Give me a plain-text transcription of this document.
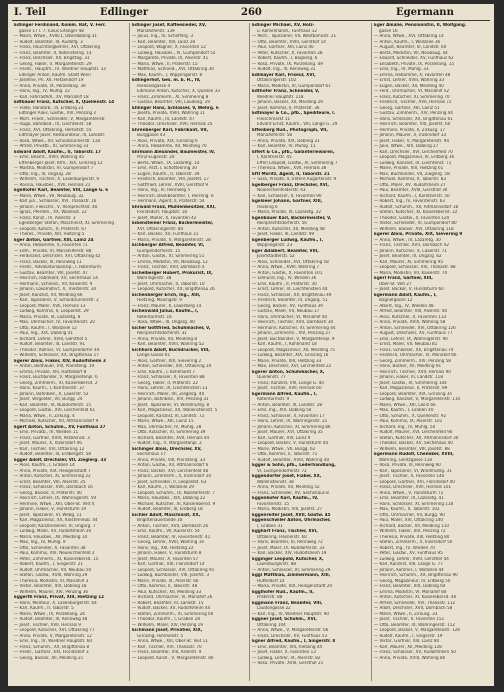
I. Teil	Edlinger	260	Egermann
Edlinger Ferdinand, Komm. Rat, V. Ferr.
gasse 17 I. 7. Iulius Eitlinger 48
— Marie, Wtwe., XVIII/1, Oberdöbling 31
— Rudolf, Beamter, III, Rudolfg. 3
— Franz, Rauchfangkehrer, XVI, Ottakring
— Franz, Beamter, II, Rotensterng. 14
— Franz, Drechsler, XX, Brigittag. 31
— Georg, Fiaker, V, Margaretenstr. 29
— Friedr., Hauptm., IV, Wiedner Hauptstr. 33
Edlinger Anton, Kaufm. Stadt Wien
— Josefine, Pri. XII, Hetzendorf 19
— Anna, Private, IX, Porzellang. 39
— Hans, Ing., IV, Mühlg. 22
— Karl, Fahrradhdl., XV, Mariahilf 18
Edtbauer Franz, Kutscher, X, Quellenstr. 14
— Hilde, Handarb., III, Erdberg 23
Edtinger Alois, Gastw., XIV, Penzing 2
— Mich. Friedr., Schneider, V, Margaretenstr.
— Hugo, Bahnbed., IX, Liechtenst. 58
— Franz, XVI, Ottakring, Herbststr. 55
Edtmayer Josef, Restaurateur, III, Landstr.
— Rosa, Wtwe., XII, Schönbrunnerstr. 118
— Alfred, Privatb., XI, Simmering 33
Edward Adolf, Kaufm., II, Taborstr. 17
— Emil, Beamt., XVIII, Währing 45
Effenberger Josef, Kfm., XIX, Grinzing 12
— Martha, Modistin, VI, Gumpendorf 7
— Otto, Ing., III, Ungarg. 28
— Wilhelm, Tischler, X, Laxenburgerstr. 9
— Rosina, Hausbes., XVII, Hernals 21
Egelhofer Karl, Beamter, VIII, Lange G. 6
— Marie, Wtwe., VII, Neubaug. 32
— Karl jun., Schlosser, XVI, Thaliastr. 16
— Johann, Fleischh., V, Reinprechtsd. 40
— Ignaz, Pferdeh., XX, Wallenst. 22
— Franz, Kanzl., IX, Alserstr. 3
Egenberger Stefan, Maschinist, XI, Simmering
— Leopold, Kutsch., II, Praterstr. 67
— Theres., Private, XIII, Hietzing 5
Eger Anton, Gärtner, XIII, Lainz 24
— Anna, Hebamme, X, Favoriten 71
— Edm., Private, VI, Mariahilferstr. 88
— Ferdinand, Drechsler, XVI, Ottakring 42
— Franz, Bäcker, III, Rennweg 11
— Friedr., Advokaturskonzip., I, Rotenturm.
— Gustav, Beamter, VIII, Josefst. 47
— Heinrich, Fabrikant, XV, Sechshaus 14
— Hermann, Schneid., VII, Kaiserstr. 9
— Johann, Lokomotivf., X, Triesterstr. 30
— Josef, Kanzlist, XII, Meidling 66
— Karl, Tapezierer, V, Schönbrunnerstr. 2
— Leopold, Maler, XVII, Hernals 13
— Ludwig, Kommis, II, Leopoldst. 29
— Maria, Private, IX, Lazaretg. 8
— Max, Uhrmacher, IV, Favoritenstr. 20
— Otto, Kaufm., I, Wollzeile 12
— Paul, Ing., XIX, Döbling 41
— Richard, Lehrer, XVIII, Gersthof 5
— Rudolf, Beamter, III, Landstr. 91
— Theodor, Kellner, VI, Gumpendorfer 44
— Wilhelm, Schlosser, XX, Brigittenau 17
Egerer Alois, Fiaker, XIV, Rudolfsheim 3
— Anton, Bildhauer, VIII, Piaristeng. 19
— Emma, Private, XIII, Hütteldorf 8
— Franz, Buchbinder, V, Margaretenpl. 6
— Georg, Zimmerm., XI, Kaiserebersd. 2
— Hans, Kaufm., I, Kärntnerstr. 37
— Johann, Bahnbed., X, Laaerstr. 52
— Josef, Vergolder, VII, Burgg. 24
— Karl, Beamter, IX, Nußdorferstr. 15
— Leopold, Gastw., XVI, Lerchenfeld 61
— Maria, Wtwe., II, Zirkusg. 4
— Michael, Kutscher, XII, Altmannsdorf 9
Egert Anton, Schuhm., XV, Fünfhaus 27
— Emil, Privatb., IV, Wieden 11
— Franz, Gärtner, XVIII, Pötzleinsd. 3
— Josef, Maurer, X, Inzersdorf 46
— Karl, Tischler, XVI, Ottakring 12
— Rudolf, Beamter, III, Erdbergstr. 58
Egger Adolf, Drechsler, VII, Zieglerg. 33
— Alois, Kaufm., I, Graben 14
— Anna, Private, XIX, Heiligenstadt 7
— Anton, Kutscher, XI, Simmering 22
— Ernst, Beamter, VIII, Alserstr. 25
— Franz, Schlosser, XVII, Dornbach 16
— Georg, Bäcker, II, Praterstr. 40
— Heinrich, Lehrer, IX, Währingerstr. 59
— Hermine, Wtwe., XIII, Ober-St. Veit 4
— Johann, Fiaker, V, Hundsturm 19
— Josef, Tapezierer, VI, Webg. 11
— Karl, Magazineur, XX, Klosterneub. 44
— Leopold, Kanzleidiener, III, Ungarg. 7
— Ludwig, Maler, XV, Rudolfsheim 30
— Maria, Hausbes., XII, Meidling 14
— Max, Ing., IV, Mühlg. 9
— Otto, Schneider, X, Favoriten 38
— Paul, Kommis, XVI, Neulerchenfeld 2
— Peter, Zimmerm., XI, Kaiserebersd. 15
— Robert, Kaufm., I, Singerstr. 21
— Rudolf, Uhrmacher, VII, Neubau 50
— Stefan, Gastw., XVIII, Währing 29
— Theresia, Modistin, VI, Mariahilf 3
— Viktor, Beamter, XIX, Döbling 18
— Wilhelm, Maurer, XIV, Penzing 36
Eggerth Franz, Privat, XIII, Hietzing 12
— Hans, Monteur, X, Laxenburgerstr. 64
— Karl, Kaufm., II, Taborstr. 5
— Marie, Wtwe., IX, Porzellang. 26
— Rudolf, Beamter, III, Rennweg 48
— Josef, Tischler, XVII, Hernals 9
— Leopold, Kutscher, XVI, Ottakring 77
— Anna, Private, V, Margaretenstr. 12
— Emil, Ing., IV, Wiedner Hauptstr. 60
— Franz, Schuhm., XX, Brigittenau 8
— Friedr., Gärtner, XXI, Floridsdorf 3
— Georg, Bäcker, XII, Meidling 21
Edlinger Josef, Kaffeesieder, XV,
Mariahilferstr. 139
— Julius, Ing., IV, Schäfferg. 3
— Karl, Beamter, XIII, Lainz 28
— Leopold, Wagner, X, Favoriten 12
— Ludwig, Hausbes., VI, Gumpendorf 55
— Margarete, Private, IX, Alserstr. 41
— Maria, Wtwe., II, Praterstr. 15
— Matthias, Schneid., XVI, Ottakring 30
— Max, Kaufm., I, Wipplingerstr. 8
Edlingerhof, Ges. m. b. H., IV,
Rienösslgasse 4
Edlmann Anton, Kutscher, X, Quellen 33
— Franz, Zimmerm., XI, Simmering 8
— Gustav, Beamter, VIII, Laudong. 19
Ehlinger Hans, Schlosser, V, Wehrg. 6
— Josefa, Private, XVIII, Währing 11
— Karl, Kaufm., III, Landstr. 47
— Theodor, Drechsler, XVII, Hernals 25
Ehrenberger Karl, Fabrikant, VII,
Burggasse 43
— Alois, Private, XIX, Grinzing 6
— Anna, Hebamme, XII, Meidling 70
Ehrmann Alexander, Baumeister, IV,
Prinz-Eugenstr. 20
— Berta, Wtwe., IX, Lazaretg. 14
— Emil, Arzt, I, Schottenring 30
— Eugen, Kaufm., II, Taborstr. 39
— Friedrich, Beamter, VIII, Josefst. 17
— Gottfried, Lehrer, XVIII, Gersthof 9
— Hans, Ing., III, Rennweg 5
— Heinrich, Bankbeamter, I, Herreng. 6
— Hermann, Agent, II, Praterstr. 54
Ehrwald Franz, Mühlenbesitzer, XXI,
Floridsdorf, Hauptstr. 18
— Josef, Müller, X, Favoriten 42
Eibensteiner Franz, Bäckermeister,
XVI, Ottakringerstr. 84
— Karl, Bäcker, XV, Fünfhaus 21
— Maria, Private, V, Margaretenstr. 28
Eichberger Alfred, Beamter, VI,
Gumpendorferstr. 15
— Anton, Gastw., XI, Simmering 51
— Emma, Modistin, VII, Neubaug. 12
— Franz, Tischler, XVII, Dornbach 4
Eichelberger Hubert, Prokurist, IX,
Währingerstr. 38
— Josef, Uhrmacher, II, Taborstr. 10
— Leopold, Kutscher, XX, Brigittenau 26
Eichenberger Erich, Ing., XIII,
Hietzing, Maxingstr. 9
— Franz, Maurer, X, Laaerberg 14
Eichenwald Julius, Kaufm., I,
Rotenturmstr. 16
— Rosa, Wtwe., III, Ungarg. 40
Eicher Gottfried, Schuhmacher, V,
Reinprechtsdorferstr. 31
— Anna, Private, XII, Meidling 8
— Karl, Beamter, XVIII, Währing 52
Eichhorn Adolf, Buchdrucker, VIII,
Lange Gasse 61
— Alois, Gärtner, XIX, Sievering 2
— Anton, Schneider, XVI, Ottakring 19
— Emil, Kaufm., I, Kohlmarkt 7
— Franz, Schlosser, X, Favoriten 88
— Georg, Fiaker, II, Praterstr. 22
— Hans, Lehrer, IX, Liechtenstein 13
— Heinrich, Maler, VII, Zieglerg. 40
— Johann, Bahnbed., XIV, Penzing 31
— Josef, Tapezierer, VI, Windmühlg. 8
— Karl, Magazineur, XX, Wallensteinstr. 5
— Leopold, Kanzlist, III, Landstr. 72
— Marie, Wtwe., XIII, Lainz 15
— Max, Uhrmacher, IV, Mühlg. 28
— Otto, Kutscher, XI, Simmering 39
— Richard, Beamter, XVII, Hernals 44
— Rudolf, Ing., V, Margaretenpl. 2
Eichinger Alois, Drechsler, XV,
Sechshaus 17
— Anna, Private, VIII, Piaristeng. 33
— Anton, Gastw., XII, Altmannsdorf 6
— Franz, Bäcker, XVI, Lerchenfeld 48
— Johann, Zimmerm., X, Inzersdorf 20
— Josef, Schneider, II, Leopoldst. 63
— Karl, Kaufm., I, Wollzeile 29
— Leopold, Schuhm., IX, Nußdorferstr. 7
— Maria, Hausbes., XIX, Döbling 22
— Michael, Kutscher, XI, Kaiserebersd. 9
— Rudolf, Beamter, III, Erdberg 18
Eichler Adolf, Maschinist, XX,
Brigittenauerlände 30
— Anton, Tischler, XVII, Dornbach 26
— Emil, Kaufm., VII, Kaiserstr. 54
— Franz, Beamter, IV, Favoritenstr. 41
— Georg, Lehrer, XVIII, Währing 16
— Hans, Ing., XIII, Hietzing 22
— Johann, Fiaker, V, Hundsturm 8
— Josef, Maurer, X, Favoriten 57
— Karl, Gärtner, XXI, Floridsdorf 14
— Leopold, Schlosser, XVI, Ottakring 91
— Ludwig, Buchbinder, VIII, Josefst. 3
— Marie, Private, IX, Alserstr. 66
— Otto, Kommis, II, Taborstr. 48
— Paul, Kutscher, XII, Meidling 33
— Richard, Uhrmacher, VI, Mariahilf 26
— Robert, Beamter, III, Landstr. 15
— Rudolf, Bäcker, XV, Rudolfsheim 44
— Stefan, Zimmerm., XI, Simmering 60
— Theodor, Kaufm., I, Graben 28
— Wilhelm, Maler, XIV, Penzing 19
Eichmann Josef, Privatier, XIX,
Grinzing, Himmelstr. 5
— Anna, Wtwe., XIII, Ober-St. Veit 11
— Karl, Tischler, XVI, Thaliastr. 70
— Franz, Beamter, VIII, Alserstr. 9
— Leopold, Kanzl., V, Margaretenstr. 80
Edlinger Michael, XV, Holz-
u. Kohlenhandl., Fünfhaus 12
— Mich., Tapezierer, VII, Westbahnstr. 21
— Otto, Beamter, XVIII, Gersthof 14
— Paul, Gärtner, XIII, Lainz 40
— Peter, Kutscher, X, Favoriten 28
— Robert, Kaufm., I, Bognerg. 6
— Rosa, Private, IX, Porzellang. 49
— Rudolf, Ing., III, Rennweg 31
Edlmayer Karl, Friseur, XVI,
Ottakringerstr. 102
— Maria, Modistin, VI, Gumpendorf 61
Edthofer Franz, Schneider, V,
Wiedner Hauptstr. 118
— Johann, Bäcker, XII, Meidling 29
— Josef, Kommis, II, Praterstr. 36
Edtmayer & Co., pfb., Spediteure, I.
Fleischmarkt 11
Edvard Ernst, Kaufm., VIII, Lange G. 29
Effenberg Rud., Photograph, VII,
Mariahilferstr. 58
— Anna, Private, XIX, Döbling 31
— Karl, Beamter, IV, Mühlg. 11
Effert & Co., pfb., Galanteriewaren,
I, Kärntnerstr. 45
Efferl Leopold, Gastw., XI, Simmering 7
— Theresia, Wtwe., XVII, Hernals 38
Eftl Moritz, Agent, II, Taborstr. 21
— Sara, Private, II, Untere Augartenstr. 9
Egelberger Franz, Drechsler, XVI,
Neulerchenfelderstr. 43
— Karl, Schlosser, X, Favoriten 90
Egelseer Johann, Gärtner, XIII,
Hacking 6
— Maria, Private, IX, Lazaretg. 22
Egenbauer Karl, Bäckermeister, V,
Reinprechtsdorferstr. 56
— Anton, Kutscher, XII, Meidling 48
— Josef, Fiaker, III, Landstr. 99
Egenberger Ludwig, Kaufm., I,
Wipplingerstr. 23
Eger Adalbert, Beamter, VIII,
Josefstädterstr. 52
— Alois, Schneider, XVI, Ottakring 58
— Anna, Wtwe., XVIII, Währing 7
— Anton, Gastw., X, Favoriten 101
— Edmund, Ing., IV, Wieden 36
— Emil, Kaufm., II, Praterstr. 30
— Ernst, Lehrer, IX, Liechtenstein 44
— Franz, Schlosser, XX, Brigittenau 49
— Friedrich, Beamter, III, Ungarg. 51
— Georg, Bäcker, XV, Fünfhaus 39
— Gustav, Maler, VII, Neubau 17
— Hans, Uhrmacher, VI, Mariahilf 40
— Heinrich, Tischler, XVII, Dornbach 30
— Hermann, Kutscher, XI, Simmering 44
— Johann, Zimmerm., XIV, Penzing 27
— Josef, Buchbinder, V, Margaretenpl. 9
— Karl, Kaufm., I, Kohlmarkt 18
— Leopold, Magazineur, XII, Meidling 75
— Ludwig, Beamter, XIX, Grinzing 16
— Marie, Private, XIII, Hietzing 33
— Max, Drechsler, XVI, Lerchenfeld 22
Egerer Anton, Schuhmacher, X,
Quellenstr. 77
— Franz, Kanzlist, VIII, Lange G. 40
— Josef, Tischler, XVII, Hernals 60
Egermann Alfred, Kaufm., I,
Rotenturmstr. 9
— Anton, Beamter, III, Landstr. 28
— Emil, Ing., XIX, Döbling 50
— Franz, Schlosser, X, Favoriten 17
— Hans, Lehrer, IX, Währingerstr. 21
— Johann, Kutscher, XI, Simmering 86
— Josef, Maurer, XVI, Ottakring 35
— Karl, Gärtner, XIII, Lainz 9
— Leopold, Bäcker, V, Hundsturm 44
— Marie, Wtwe., VII, Burgg. 62
— Otto, Kommis, II, Taborstr. 71
— Rudolf, Beamter, XVIII, Währing 40
Egger & Sohn, pfb., Lederhandlung,
VI, Gumpendorferstr. 72
Eggendorfer Josef, Fiaker, XX,
Wallensteinstr. 38
— Anna, Private, XII, Meidling 52
— Franz, Schneider, XV, Sechshaus 8
Eggenhofer Karl, Kaufm., IV,
Favoritenstr. 15
— Maria, Modistin, VIII, Josefst. 27
Eggenreiter Josef, XVII, Gastw. 45
Eggenschwiler Anton, Uhrmacher,
I, Graben 31
Egghart Franz, Tischler, XVI,
Ottakring, Hasnerstr. 60
— Hans, Beamter, III, Rennweg 72
— Josef, Maler, IX, Nußdorferstr. 33
— Karl, Bäcker, XIV, Rudolfsheim 19
Egginger Leopold, Kutscher, X,
Laxenburgerstr. 88
— Anton, Schlosser, XI, Simmering 29
Eggl Matthias, Zimmermann, XIII,
Hütteldorf 14
— Maria, Private, XIX, Heiligenstadt 20
Egglhofer Rud., Kaufm., II,
Praterstr. 88
Eggmann Franz, Beamter, VIII,
Laudongasse 22
— Karl, Ing., IV, Wiedner Hauptstr. 90
Eggner Josef, Schuhm., XVI,
Ottakring 104
— Anna, Wtwe., V, Margaretenstr. 66
— Franz, Drechsler, XV, Fünfhaus 53
Egner Alfred, Kaufm., I, Singerstr. 8
— Emil, Beamter, XIII, Hietzing 44
— Josef, Fiaker, X, Favoriten 13
— Ludwig, Lehrer, IX, Alserstr. 82
— Rosa, Private, XVIII, Gersthof 21
Eger Amalie, Pensionistin, II, Wolfgang.
gasse 16
— Anna, Wtwe., XVI, Ottakring 14
— Anton, Kaufm., I, Wollzeile 36
— August, Beamter, III, Landstr. 60
— Berta, Modistin, VII, Neubaug. 44
— Eduard, Schneider, XV, Fünfhaus 62
— Elisabeth, Private, IX, Porzellang. 15
— Emil, Ing., IV, Mühlg. 33
— Emma, Hebamme, X, Favoriten 48
— Ernst, Lehrer, XVIII, Währing 33
— Eugen, Bäcker, XII, Meidling 40
— Ferd., Uhrmacher, VI, Mariahilf 52
— Franz, Kutscher, XI, Simmering 70
— Friedrich, Tischler, XVII, Hernals 72
— Georg, Gärtner, XIII, Lainz 51
— Gustav, Zimmerm., XIV, Penzing 44
— Hans, Schlosser, XX, Brigittenau 61
— Heinrich, Beamter, VIII, Josefst. 60
— Hermine, Private, II, Zirkusg. 17
— Johann, Maurer, X, Inzersdorf 33
— Josef, Fiaker, V, Margaretenstr. 94
— Julie, Wtwe., XIX, Döbling 27
— Karl, Drechsler, XVI, Lerchenfeld 70
— Leopold, Magazineur, III, Erdberg 36
— Ludwig, Kanzlist, IX, Liechtenst. 71
— Marie, Private, XIII, Hietzing 61
— Max, Buchbinder, VII, Zieglerg. 58
— Michael, Kommis, II, Taborstr. 83
— Otto, Maler, XV, Rudolfsheim 27
— Paul, Beamter, XVIII, Gersthof 30
— Richard, Kaufm., I, Kärntnerstr. 50
— Robert, Ing., IV, Favoritenstr. 63
— Rudolf, Schuhm., XII, Altmannsdorf 18
— Stefan, Kutscher, XI, Kaiserebersd. 22
— Theodor, Gastw., X, Favoriten 120
— Viktor, Schneider, VI, Gumpendorf 80
— Wilhelm, Bäcker, XVI, Ottakring 118
Egerer Alois, Private, XIX, Sievering 9
— Anna, Wtwe., IX, Lazaretg. 30
— Franz, Tischler, XVII, Dornbach 42
— Johann, Kutscher, X, Laaerstr. 71
— Josef, Beamter, III, Ungarg. 62
— Karl, Maurer, XI, Simmering 95
— Leopold, Schlosser, XVI, Thaliastr. 88
— Maria, Modistin, VII, Kaiserstr. 70
Egerl Franz, Gärtner, XIII,
Ober-St. Veit 27
— Josef, Bäcker, V, Hundsturm 60
Egermann Adolf, Kaufm., I,
Bognergasse 12
— Albert, Ing., IV, Wieden 48
— Alfred, Beamter, VIII, Alserstr. 40
— Alois, Kutscher, X, Favoriten 133
— Anna, Private, XVIII, Währing 58
— Anton, Schneider, XVI, Ottakring 126
— August, Drechsler, XV, Fünfhaus 77
— Emil, Lehrer, IX, Währingerstr. 90
— Ernst, Maler, VII, Neubau 81
— Franz, Schlosser, XX, Brigittenau 74
— Friedrich, Uhrmacher, VI, Mariahilf 66
— Georg, Zimmerm., XIV, Penzing 58
— Hans, Bäcker, XII, Meidling 91
— Heinrich, Tischler, XVII, Hernals 90
— Johann, Fiaker, III, Landstr. 118
— Josef, Gastw., XI, Simmering 104
— Karl, Magazineur, II, Praterstr. 99
— Leopold, Beamter, XIX, Grinzing 35
— Ludwig, Kanzlist, V, Margaretenstr. 110
— Marie, Wtwe., XIII, Lainz 66
— Max, Kaufm., I, Graben 40
— Otto, Schuhm., X, Quellenstr. 92
— Paul, Kommis, IX, Alserstr. 101
— Richard, Ing., IV, Mühlg. 50
— Rudolf, Maurer, XVI, Lerchenfeld 90
— Stefan, Kutscher, XII, Altmannsdorf 30
— Theodor, Bäcker, XV, Sechshaus 40
— Wilhelm, Beamter, VIII, Josefst. 88
Egermann Rudolf, Chemiker, XVIII,
Währing, Gentzgasse 118
— Rosa, Private, III, Rennweg 90
— Karl, Tapezierer, VI, Windmühlg. 31
— Josef, Tischler, X, Favoriten 140
— Leopold, Gärtner, XXI, Floridsdorf 40
— Franz, Drechsler, XVII, Hernals 101
— Anna, Wtwe., V, Hundsturm 72
— Emil, Beamter, IX, Lazaretg. 41
— Hans, Schlosser, XI, Simmering 118
— Max, Kaufm., II, Taborstr. 102
— Otto, Uhrmacher, VII, Burgg. 90
— Paul, Maler, XVI, Ottakring 140
— Richard, Bäcker, XII, Meidling 110
— Wilhelm, Fiaker, XIV, Penzing 72
— Theresia, Private, XIII, Hietzing 80
— Stefan, Zimmerm., X, Inzersdorf 50
— Robert, Ing., IV, Wieden 70
— Peter, Gastw., XV, Fünfhaus 95
— Ludwig, Lehrer, XVIII, Gersthof 44
— Karl, Kanzlist, VIII, Lange G. 77
— Johann, Kommis, I, Wollzeile 44
— Heinrich, Schuhm., XX, Brigittenau 90
— Georg, Magazineur, III, Erdberg 50
— Franz, Beamter, XIX, Döbling 64
— Emma, Modistin, VI, Mariahilf 80
— Anton, Kutscher, XI, Kaiserebersd. 40
— Alfred, Schneider, XVI, Thaliastr. 112
— Adolf, Drechsler, XVII, Dornbach 58
— Marie, Wtwe., II, Zirkusg. 33
— Josef, Tischler, X, Favoriten 151
— Otto, Beamter, IX, Währingerstr. 112
— Leopold, Bäcker, V, Margaretenstr. 128
— Rudolf, Kaufm., I, Singerstr. 19
— Viktor, Gärtner, XIII, Lainz 80
— Karl, Maurer, XII, Meidling 128
— Franz, Schlosser, XV, Rudolfsheim 50
— Anna, Private, XVIII, Währing 80
